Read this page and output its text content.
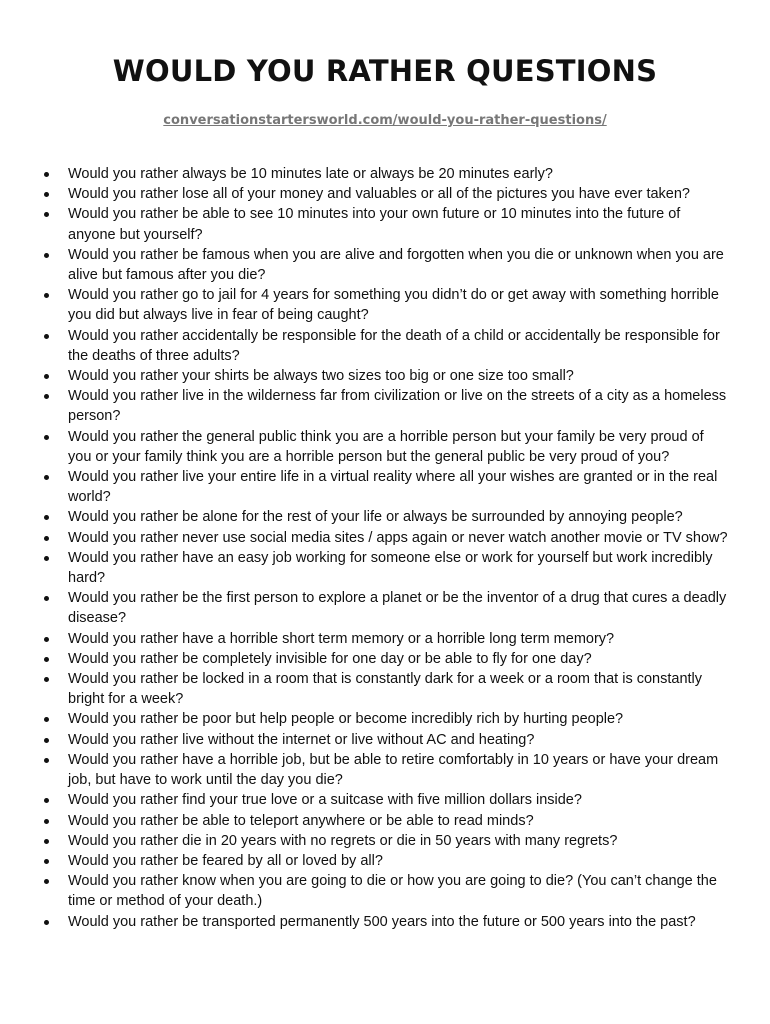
WOULD YOU RATHER QUESTIONS
conversationstartersworld.com/would-you-rather-questions/
Would you rather always be 10 minutes late or always be 20 minutes early?
Would you rather lose all of your money and valuables or all of the pictures you have ever taken?
Would you rather be able to see 10 minutes into your own future or 10 minutes into the future of anyone but yourself?
Would you rather be famous when you are alive and forgotten when you die or unknown when you are alive but famous after you die?
Would you rather go to jail for 4 years for something you didn’t do or get away with something horrible you did but always live in fear of being caught?
Would you rather accidentally be responsible for the death of a child or accidentally be responsible for the deaths of three adults?
Would you rather your shirts be always two sizes too big or one size too small?
Would you rather live in the wilderness far from civilization or live on the streets of a city as a homeless person?
Would you rather the general public think you are a horrible person but your family be very proud of you or your family think you are a horrible person but the general public be very proud of you?
Would you rather live your entire life in a virtual reality where all your wishes are granted or in the real world?
Would you rather be alone for the rest of your life or always be surrounded by annoying people?
Would you rather never use social media sites / apps again or never watch another movie or TV show?
Would you rather have an easy job working for someone else or work for yourself but work incredibly hard?
Would you rather be the first person to explore a planet or be the inventor of a drug that cures a deadly disease?
Would you rather have a horrible short term memory or a horrible long term memory?
Would you rather be completely invisible for one day or be able to fly for one day?
Would you rather be locked in a room that is constantly dark for a week or a room that is constantly bright for a week?
Would you rather be poor but help people or become incredibly rich by hurting people?
Would you rather live without the internet or live without AC and heating?
Would you rather have a horrible job, but be able to retire comfortably in 10 years or have your dream job, but have to work until the day you die?
Would you rather find your true love or a suitcase with five million dollars inside?
Would you rather be able to teleport anywhere or be able to read minds?
Would you rather die in 20 years with no regrets or die in 50 years with many regrets?
Would you rather be feared by all or loved by all?
Would you rather know when you are going to die or how you are going to die? (You can’t change the time or method of your death.)
Would you rather be transported permanently 500 years into the future or 500 years into the past?
